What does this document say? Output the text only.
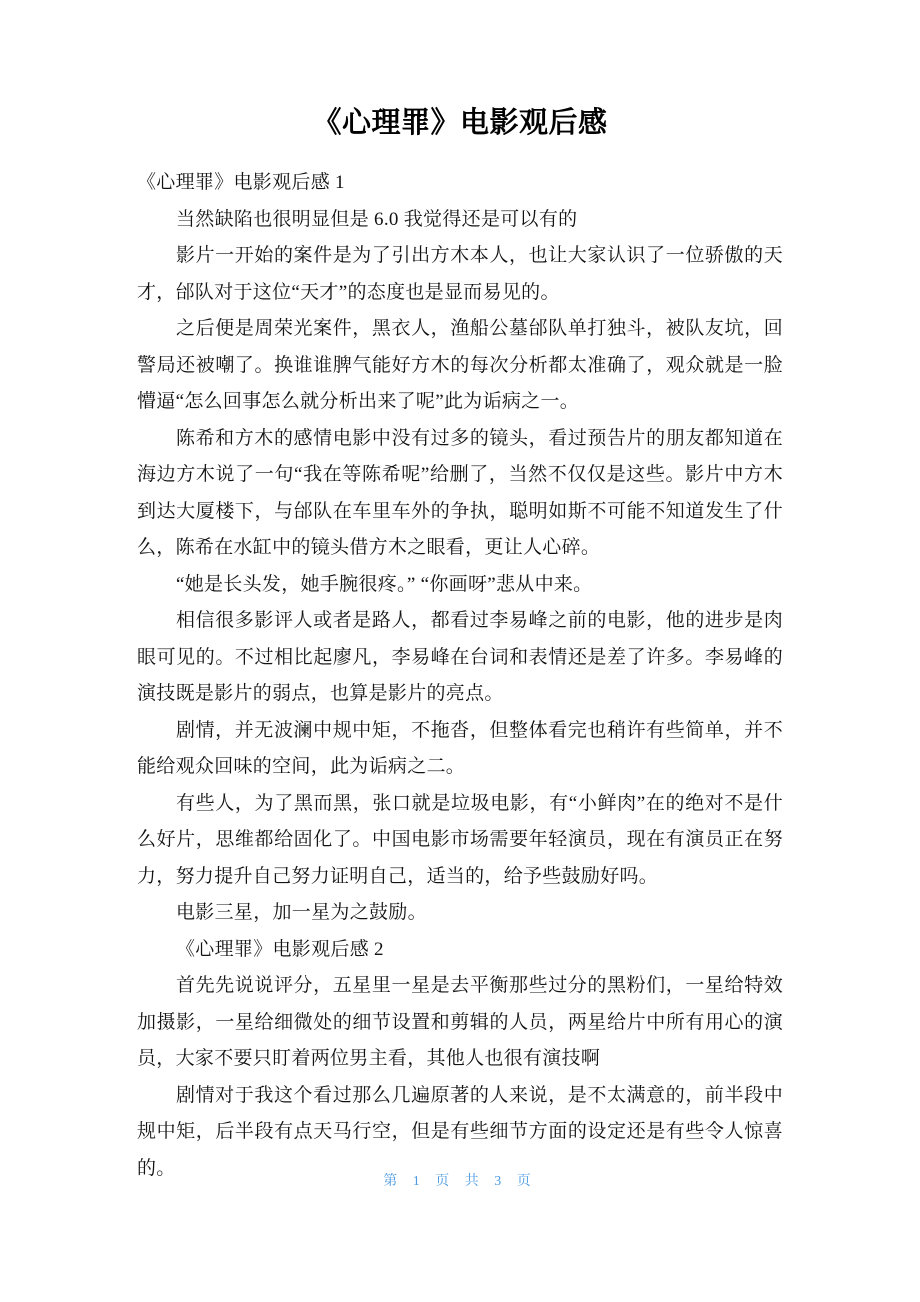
《心理罪》电影观后感

《心理罪》电影观后感 1

当然缺陷也很明显但是 6.0 我觉得还是可以有的

影片一开始的案件是为了引出方木本人，也让大家认识了一位骄傲的天才，邰队对于这位“天才”的态度也是显而易见的。

之后便是周荣光案件，黑衣人，渔船公墓邰队单打独斗，被队友坑，回警局还被嘲了。换谁谁脾气能好方木的每次分析都太准确了，观众就是一脸懵逼“怎么回事怎么就分析出来了呢”此为诟病之一。

陈希和方木的感情电影中没有过多的镜头，看过预告片的朋友都知道在海边方木说了一句“我在等陈希呢”给删了，当然不仅仅是这些。影片中方木到达大厦楼下，与邰队在车里车外的争执，聪明如斯不可能不知道发生了什么，陈希在水缸中的镜头借方木之眼看，更让人心碎。

“她是长头发，她手腕很疼。” “你画呀”悲从中来。

相信很多影评人或者是路人，都看过李易峰之前的电影，他的进步是肉眼可见的。不过相比起廖凡，李易峰在台词和表情还是差了许多。李易峰的演技既是影片的弱点，也算是影片的亮点。

剧情，并无波澜中规中矩，不拖沓，但整体看完也稍许有些简单，并不能给观众回味的空间，此为诟病之二。

有些人，为了黑而黑，张口就是垃圾电影，有“小鲜肉”在的绝对不是什么好片，思维都给固化了。中国电影市场需要年轻演员，现在有演员正在努力，努力提升自己努力证明自己，适当的，给予些鼓励好吗。

电影三星，加一星为之鼓励。

《心理罪》电影观后感 2

首先先说说评分，五星里一星是去平衡那些过分的黑粉们，一星给特效加摄影，一星给细微处的细节设置和剪辑的人员，两星给片中所有用心的演员，大家不要只盯着两位男主看，其他人也很有演技啊

剧情对于我这个看过那么几遍原著的人来说，是不太满意的，前半段中规中矩，后半段有点天马行空，但是有些细节方面的设定还是有些令人惊喜的。

第 1 页 共 3 页
